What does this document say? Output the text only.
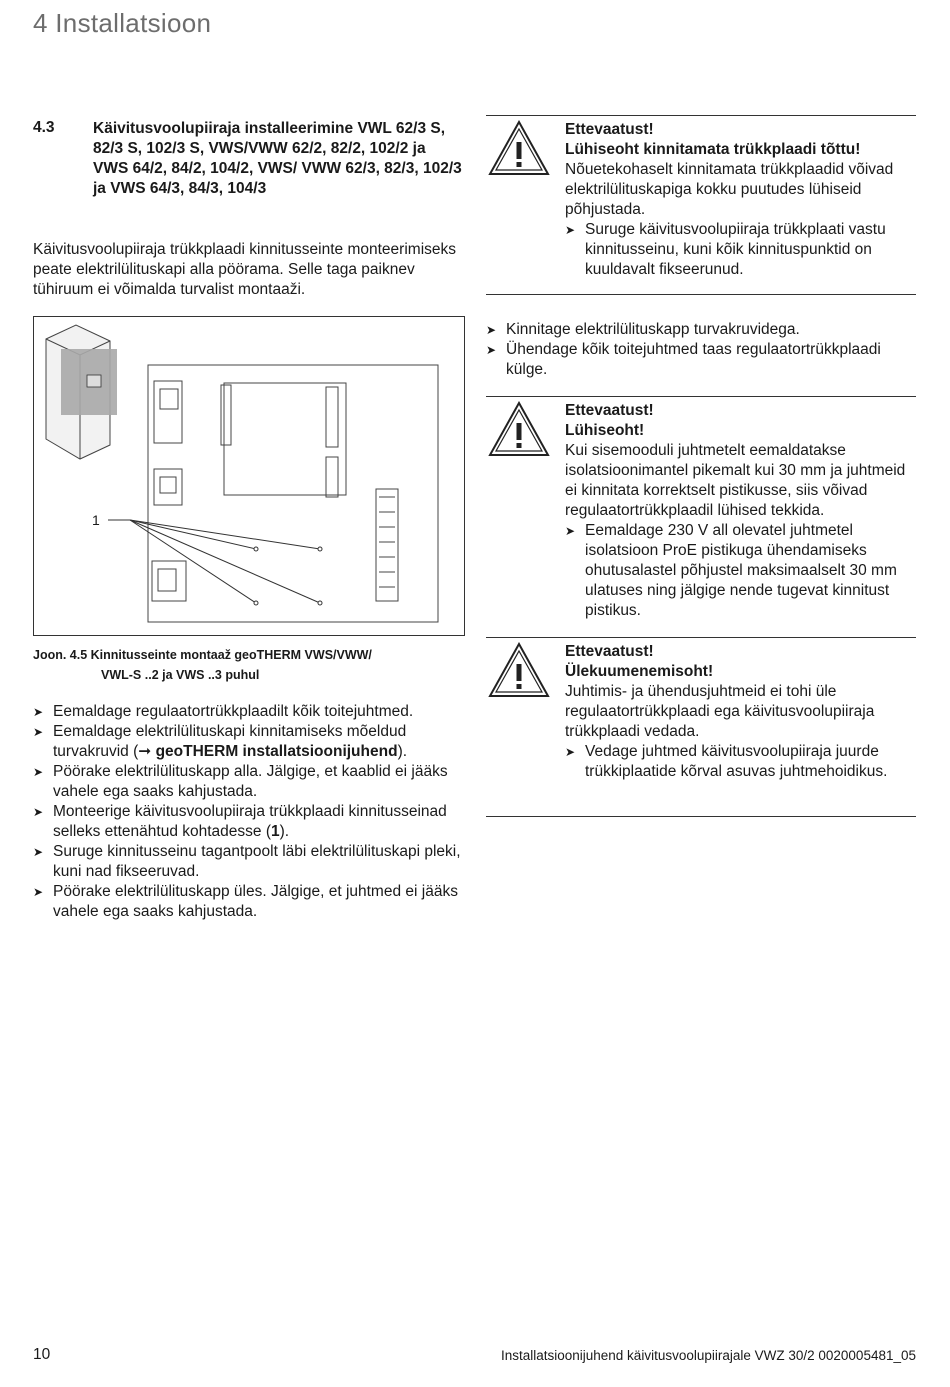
4 Installatsioon
4.3 Käivitusvoolupiiraja installeerimine VWL 62/3 S, 82/3 S, 102/3 S, VWS/VWW 62/2, 82/2, 102/2 ja VWS 64/2, 84/2, 104/2, VWS/ VWW 62/3, 82/3, 102/3 ja VWS 64/3, 84/3, 104/3
Käivitusvoolupiiraja trükkplaadi kinnitusseinte monteerimiseks peate elektrilülituskapi alla pöörama. Selle taga paiknev tühiruum ei võimalda turvalist montaaži.
1
Joon. 4.5 Kinnitusseinte montaaž geoTHERM VWS/VWW/
VWL-S ..2 ja VWS ..3 puhul
➤ Eemaldage regulaatortrükkplaadilt kõik toitejuhtmed.
➤ Eemaldage elektrilülituskapi kinnitamiseks mõeldud turvakruvid (➞ geoTHERM installatsioonijuhend).
➤ Pöörake elektrilülituskapp alla. Jälgige, et kaablid ei jääks vahele ega saaks kahjustada.
➤ Monteerige käivitusvoolupiiraja trükkplaadi kinnitusseinad selleks ettenähtud kohtadesse (1).
➤ Suruge kinnitusseinu tagantpoolt läbi elektrilülituskapi pleki, kuni nad fikseeruvad.
➤ Pöörake elektrilülituskapp üles. Jälgige, et juhtmed ei jääks vahele ega saaks kahjustada.
Ettevaatust!
Lühiseoht kinnitamata trükkplaadi tõttu!
Nõuetekohaselt kinnitamata trükkplaadid võivad elektrilülituskapiga kokku puutudes lühiseid põhjustada.
➤ Suruge käivitusvoolupiiraja trükkplaati vastu kinnitusseinu, kuni kõik kinnituspunktid on kuuldavalt fikseerunud.
➤ Kinnitage elektrilülituskapp turvakruvidega.
➤ Ühendage kõik toitejuhtmed taas regulaatortrükkplaadi külge.
Ettevaatust!
Lühiseoht!
Kui sisemooduli juhtmetelt eemaldatakse isolatsioonimantel pikemalt kui 30 mm ja juhtmeid ei kinnitata korrektselt pistikusse, siis võivad regulaatortrükkplaadil lühised tekkida.
➤ Eemaldage 230 V all olevatel juhtmetel isolatsioon ProE pistikuga ühendamiseks ohutusalastel põhjustel maksimaalselt 30 mm ulatuses ning jälgige nende tugevat kinnitust pistikus.
Ettevaatust!
Ülekuumenemisoht!
Juhtimis- ja ühendusjuhtmeid ei tohi üle regulaatortrükkplaadi ega käivitusvoolupiiraja trükkplaadi vedada.
➤ Vedage juhtmed käivitusvoolupiiraja juurde trükkiplaatide kõrval asuvas juhtmehoidikus.
10	Installatsioonijuhend käivitusvoolupiirajale VWZ 30/2 0020005481_05
